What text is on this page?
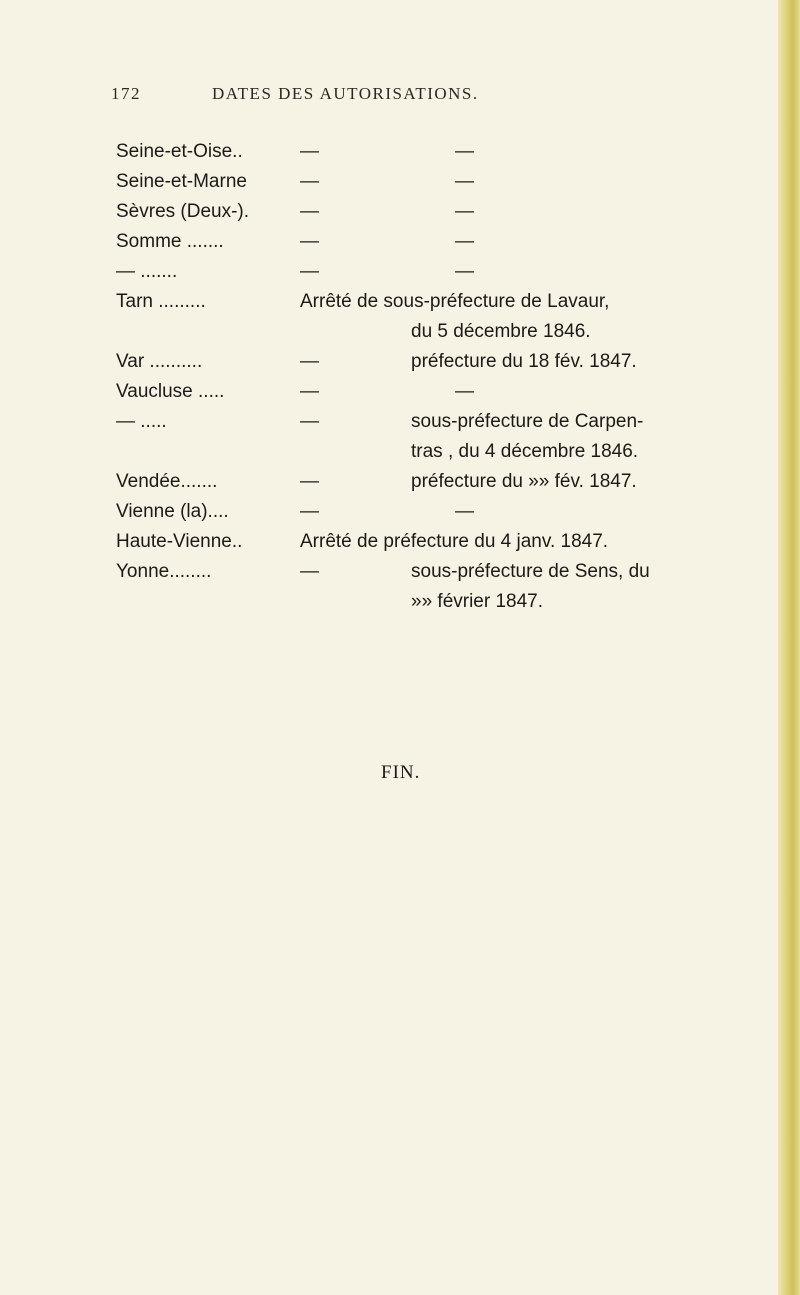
172	DATES DES AUTORISATIONS.
Seine-et-Oise..	—	—
Seine-et-Marne	—	—
Sèvres (Deux-).	—	—
Somme .......	—	—
— .......	—	—
Tarn .........	Arrêté de sous-préfecture de Lavaur,
du 5 décembre 1846.
Var ..........	—	préfecture du 18 fév. 1847.
Vaucluse .....	—	—
— .....	—	sous-préfecture de Carpen-
tras , du 4 décembre 1846.
Vendée.......	—	préfecture du »» fév. 1847.
Vienne (la)....	—	—
Haute-Vienne..	Arrêté de préfecture du 4 janv. 1847.
Yonne........	—	sous-préfecture de Sens, du
»» février 1847.
FIN.
